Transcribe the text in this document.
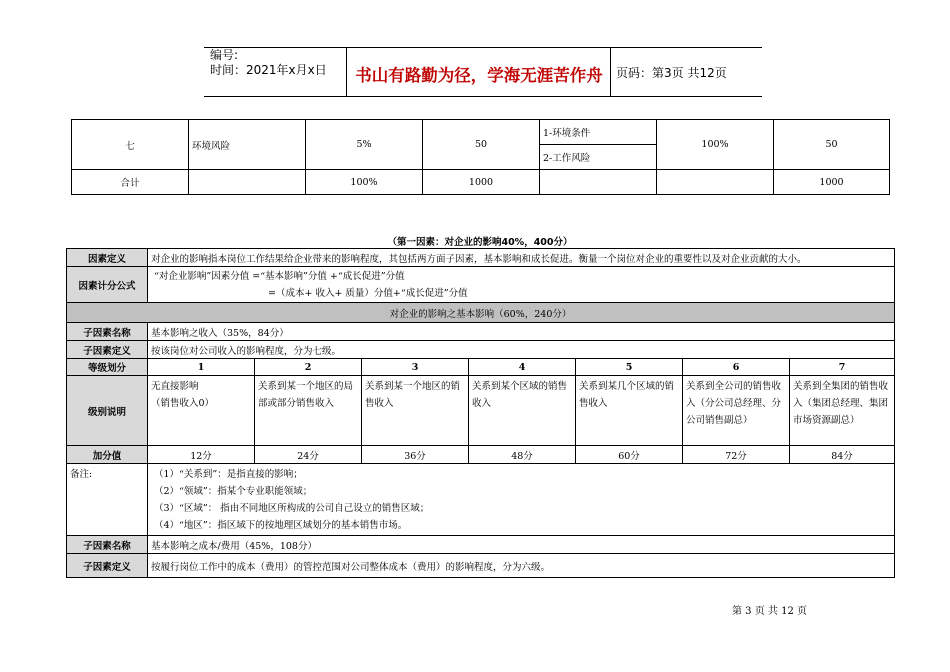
编号:
时间：2021年x月x日	书山有路勤为径，学海无涯苦作舟	页码：第3页 共12页
七	环境风险	5%	50	1-环境条件	100%	50
				2-工作风险		
合计		100%	1000			1000
（第一因素：对企业的影响40%，400分）
因素定义	对企业的影响指本岗位工作结果给企业带来的影响程度，其包括两方面子因素，基本影响和成长促进。衡量一个岗位对企业的重要性以及对企业贡献的大小。						
因素计分公式	“对企业影响”因素分值 =“基本影响”分值 +“成长促进”分值
=（成本+ 收入+ 质量）分值+“成长促进”分值						

对企业的影响之基本影响（60%，240分）							
子因素名称	基本影响之收入（35%，84分）						
子因素定义	按该岗位对公司收入的影响程度，分为七级。						
等级划分	1	2	3	4	5	6	7
级别说明	无直接影响
（销售收入0）	关系到某一个地区的局部或部分销售收入	关系到某一个地区的销售收入	关系到某个区域的销售收入	关系到某几个区域的销售收入	关系到全公司的销售收入（分公司总经理、分公司销售副总）	关系到全集团的销售收入（集团总经理、集团市场资源副总）
加分值	12分	24分	36分	48分	60分	72分	84分
备注:	（1）“关系到”：是指直接的影响；
（2）“领域”：指某个专业职能领域；
（3）“区域”： 指由不同地区所构成的公司自己设立的销售区域；
（4）“地区”：指区域下的按地理区域划分的基本销售市场。						

子因素名称	基本影响之成本/费用（45%，108分）						
子因素定义	按履行岗位工作中的成本（费用）的管控范围对公司整体成本（费用）的影响程度，分为六级。						
第 3 页 共 12 页
